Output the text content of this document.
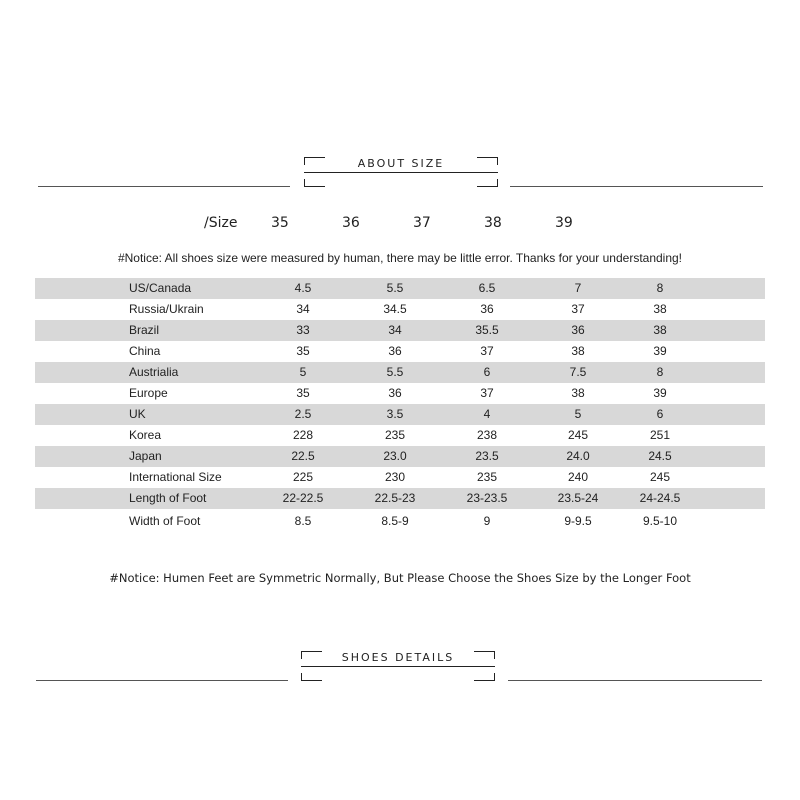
ABOUT SIZE
/Size 35	36	37	38	39
#Notice: All shoes size were measured by human, there may be little error. Thanks for your understanding!
US/Canada	4.5	5.5	6.5	7	8
Russia/Ukrain	34	34.5	36	37	38
Brazil	33	34	35.5	36	38
China	35	36	37	38	39
Austrialia	5	5.5	6	7.5	8
Europe	35	36	37	38	39
UK	2.5	3.5	4	5	6
Korea	228	235	238	245	251
Japan	22.5	23.0	23.5	24.0	24.5
International Size	225	230	235	240	245
Length of Foot	22-22.5	22.5-23	23-23.5	23.5-24	24-24.5
Width of Foot	8.5	8.5-9	9	9-9.5	9.5-10
#Notice: Humen Feet are Symmetric Normally, But Please Choose the Shoes Size by the Longer Foot
SHOES DETAILS
